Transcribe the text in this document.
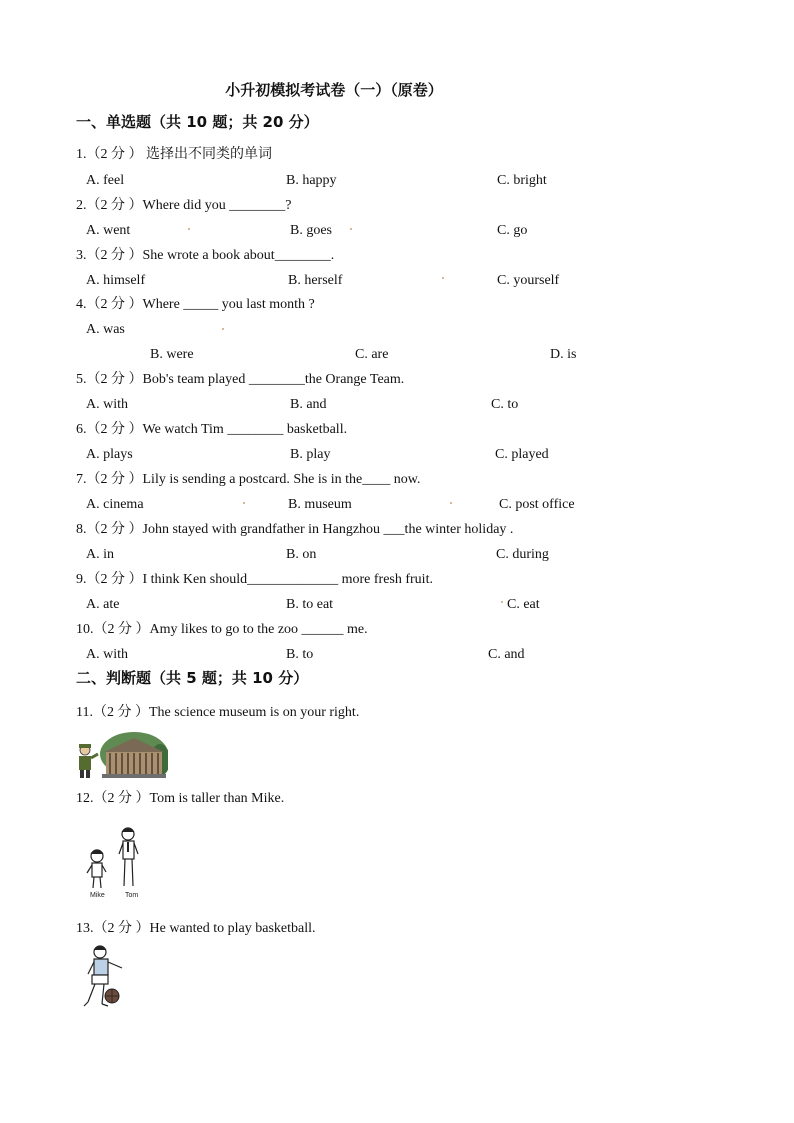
小升初模拟考试卷（一）（原卷）
一、单选题（共 10 题；共 20 分）
1.（2 分 ） 选择出不同类的单词
A. feel	B. happy	C. bright
2.（2 分 ）Where did you ________?
A. went	B. goes	C. go
3.（2 分 ）She wrote a book about________.
A. himself	B. herself	C. yourself
4.（2 分 ）Where _____ you last month ?
A. was
B. were	C. are	D. is
5.（2 分 ）Bob's team played ________the Orange Team.
A. with	B. and	C. to
6.（2 分 ）We watch Tim ________ basketball.
A. plays	B. play	C. played
7.（2 分 ）Lily is sending a postcard. She is in the____ now.
A. cinema	B. museum	C. post office
8.（2 分 ）John stayed with grandfather in Hangzhou ___the winter holiday .
A. in	B. on	C. during
9.（2 分 ）I think Ken should_____________ more fresh fruit.
A. ate	B. to eat	C. eat
10.（2 分 ）Amy likes to go to the zoo ______ me.
A. with	B. to	C. and
二、判断题（共 5 题；共 10 分）
11.（2 分 ）The science museum is on your right.
12.（2 分 ）Tom is taller than Mike.
Mike	Tom
13.（2 分 ）He wanted to play basketball.
